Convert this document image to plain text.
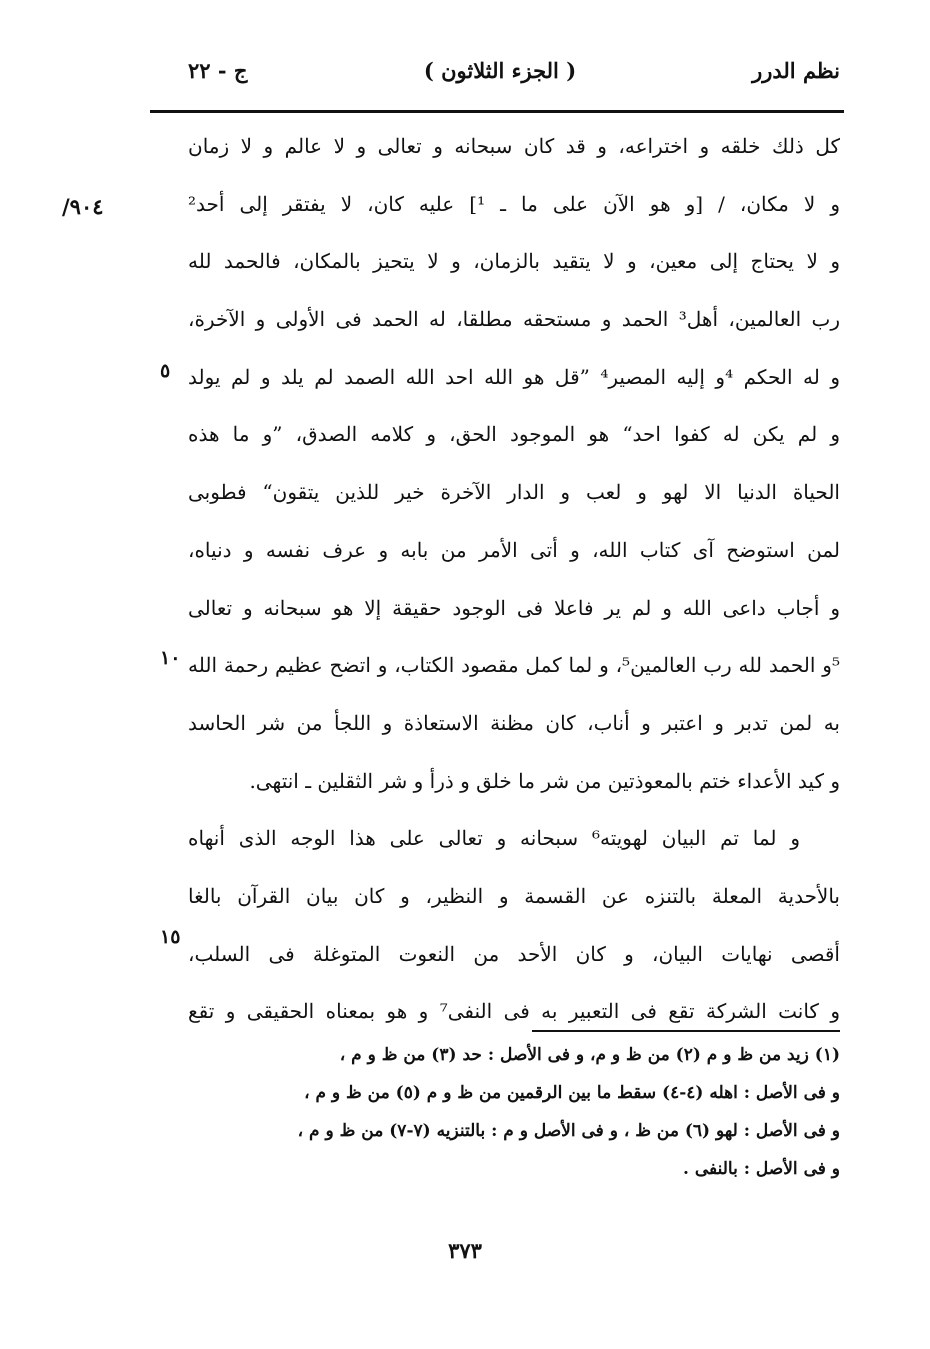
نظم الدرر
( الجزء الثلاثون )
ج - ٢٢
٩٠٤/
كل ذلك خلقه و اختراعه، و قد كان سبحانه و تعالى و لا عالم و لا زمان
و لا مكان، / [و هو الآن على ما ـ ¹] عليه كان، لا يفتقر إلى أحد²
و لا يحتاج إلى معين، و لا يتقيد بالزمان، و لا يتحيز بالمكان، فالحمد لله
رب العالمين، أهل³ الحمد و مستحقه مطلقا، له الحمد فى الأولى و الآخرة،
و له الحكم ⁴و إليه المصير⁴ ”قل هو الله احد الله الصمد لم يلد و لم يولد
و لم يكن له كفوا احد“ هو الموجود الحق، و كلامه الصدق، ”و ما هذه
الحياة الدنيا الا لهو و لعب و الدار الآخرة خير للذين يتقون“ فطوبى
لمن استوضح آى كتاب الله، و أتى الأمر من بابه و عرف نفسه و دنياه،
و أجاب داعى الله و لم ير فاعلا فى الوجود حقيقة إلا هو سبحانه و تعالى
⁵و الحمد لله رب العالمين⁵، و لما كمل مقصود الكتاب، و اتضح عظيم رحمة الله
به لمن تدبر و اعتبر و أناب، كان مظنة الاستعاذة و اللجأ من شر الحاسد
و كيد الأعداء ختم بالمعوذتين من شر ما خلق و ذرأ و شر الثقلين ـ انتهى.
و لما تم البيان لهويته⁶ سبحانه و تعالى على هذا الوجه الذى أنهاه
بالأحدية المعلة بالتنزه عن القسمة و النظير، و كان بيان القرآن بالغا
أقصى نهايات البيان، و كان الأحد من النعوت المتوغلة فى السلب،
و كانت الشركة تقع فى التعبير به فى النفى⁷ و هو بمعناه الحقيقى و تقع
٥
١٠
١٥
(١) زيد من ظ و م (٢) من ظ و م، و فى الأصل : حد (٣) من ظ و م ،
و فى الأصل : اهله (٤-٤) سقط ما بين الرقمين من ظ و م (٥) من ظ و م ،
و فى الأصل : لهو (٦) من ظ ، و فى الأصل و م : بالتنزيه (٧-٧) من ظ و م ،
و فى الأصل : بالنفى .
٣٧٣
